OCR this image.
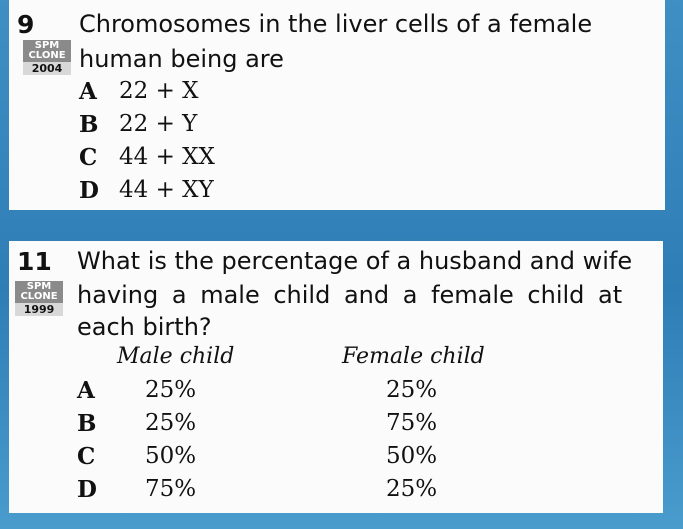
9 Chromosomes in the liver cells of a female
SPM
CLONE
2004 human being are
A 22 + X
B 22 + Y
C 44 + XX
D 44 + XY
11 What is the percentage of a husband and wife
SPM
CLONE
1999
having a male child and a female child at
each birth?
Male child	Female child
A 25%	25%
B 25%	75%
C 50%	50%
D 75%	25%
